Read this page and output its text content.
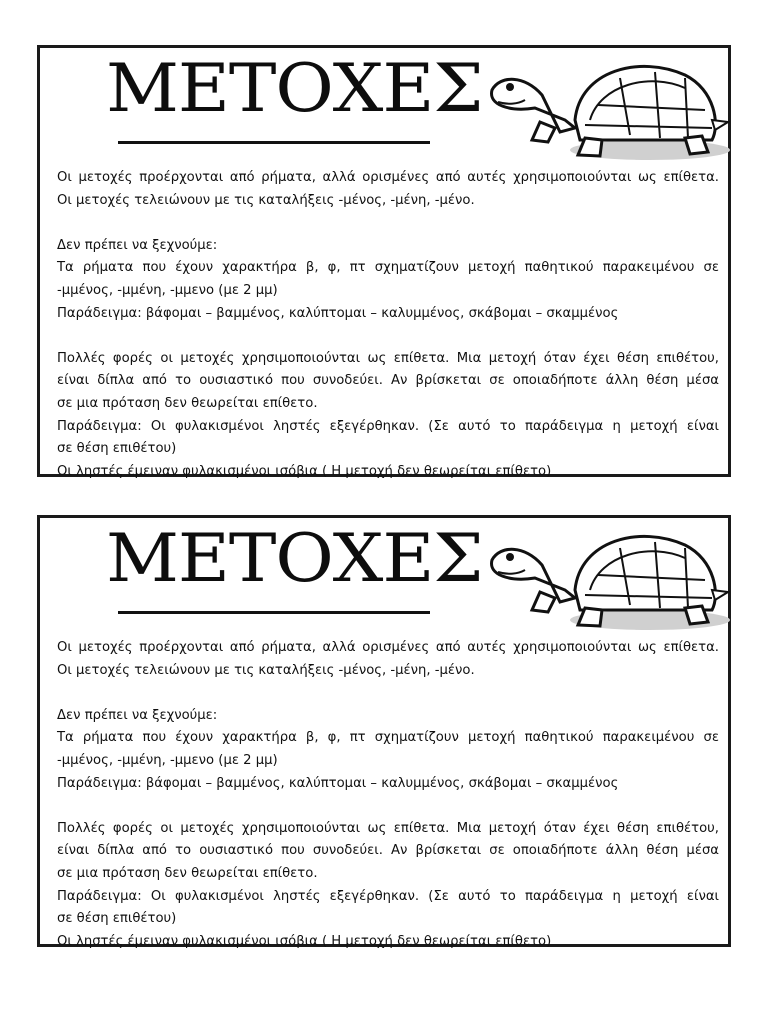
ΜΕΤΟΧΕΣ

Οι μετοχές προέρχονται από ρήματα, αλλά ορισμένες από αυτές χρησιμοποιούνται ως επίθετα.

Οι μετοχές τελειώνουν με τις καταλήξεις -μένος, -μένη, -μένο.

Δεν πρέπει να ξεχνούμε:

Τα ρήματα που έχουν χαρακτήρα β, φ, πτ σχηματίζουν μετοχή παθητικού παρακειμένου σε

-μμένος, -μμένη, -μμενο (με 2 μμ)

Παράδειγμα: βάφομαι – βαμμένος, καλύπτομαι – καλυμμένος, σκάβομαι – σκαμμένος

Πολλές φορές οι μετοχές χρησιμοποιούνται ως επίθετα. Μια μετοχή όταν έχει θέση επιθέτου,

είναι δίπλα από το ουσιαστικό που συνοδεύει. Αν βρίσκεται σε οποιαδήποτε άλλη θέση μέσα

σε μια πρόταση δεν θεωρείται επίθετο.

Παράδειγμα: Οι φυλακισμένοι ληστές εξεγέρθηκαν. (Σε αυτό το παράδειγμα η μετοχή είναι

σε θέση επιθέτου)

Οι ληστές έμειναν φυλακισμένοι ισόβια ( Η μετοχή δεν θεωρείται επίθετο)

ΜΕΤΟΧΕΣ

Οι μετοχές προέρχονται από ρήματα, αλλά ορισμένες από αυτές χρησιμοποιούνται ως επίθετα.

Οι μετοχές τελειώνουν με τις καταλήξεις -μένος, -μένη, -μένο.

Δεν πρέπει να ξεχνούμε:

Τα ρήματα που έχουν χαρακτήρα β, φ, πτ σχηματίζουν μετοχή παθητικού παρακειμένου σε

-μμένος, -μμένη, -μμενο (με 2 μμ)

Παράδειγμα: βάφομαι – βαμμένος, καλύπτομαι – καλυμμένος, σκάβομαι – σκαμμένος

Πολλές φορές οι μετοχές χρησιμοποιούνται ως επίθετα. Μια μετοχή όταν έχει θέση επιθέτου,

είναι δίπλα από το ουσιαστικό που συνοδεύει. Αν βρίσκεται σε οποιαδήποτε άλλη θέση μέσα

σε μια πρόταση δεν θεωρείται επίθετο.

Παράδειγμα: Οι φυλακισμένοι ληστές εξεγέρθηκαν. (Σε αυτό το παράδειγμα η μετοχή είναι

σε θέση επιθέτου)

Οι ληστές έμειναν φυλακισμένοι ισόβια ( Η μετοχή δεν θεωρείται επίθετο)
